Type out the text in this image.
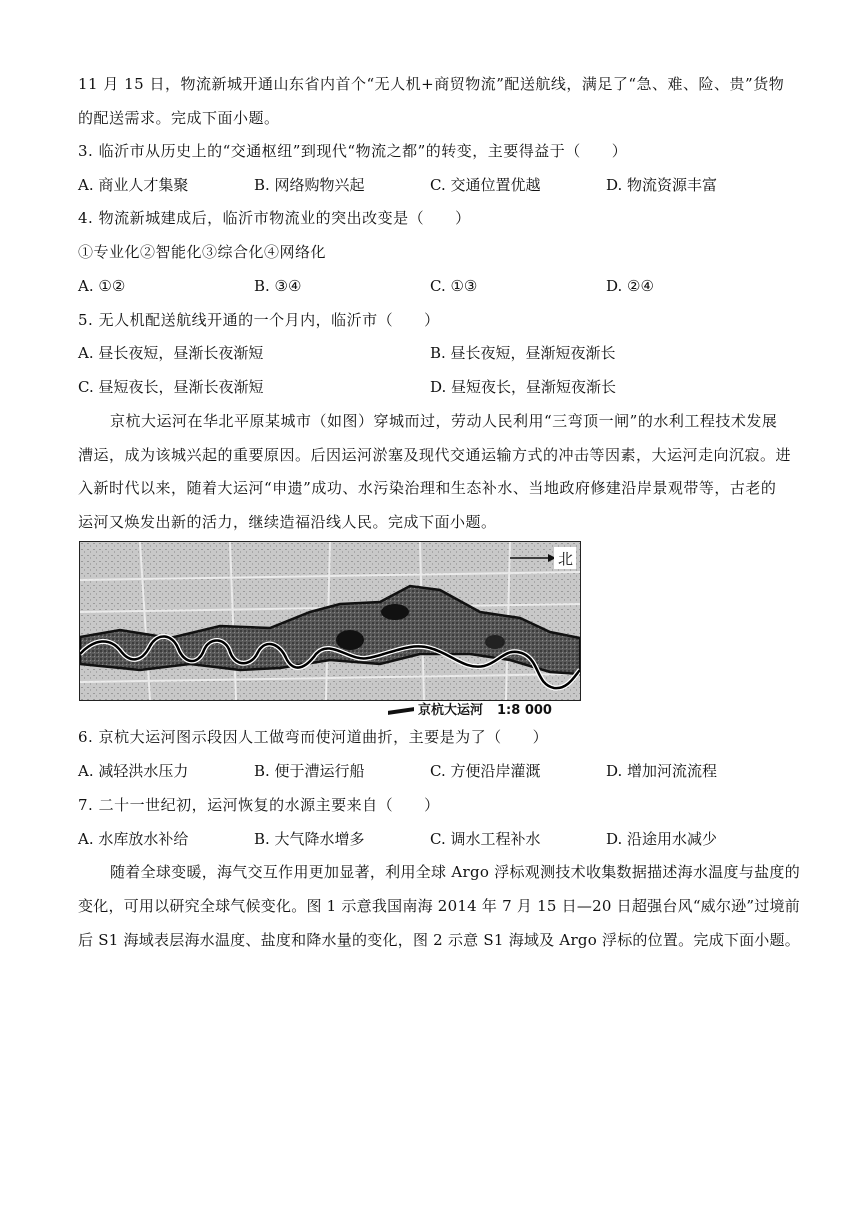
11 月 15 日，物流新城开通山东省内首个“无人机+商贸物流”配送航线，满足了“急、难、险、贵”货物
的配送需求。完成下面小题。
3. 临沂市从历史上的“交通枢纽”到现代“物流之都”的转变，主要得益于（　　）
A. 商业人才集聚	B. 网络购物兴起	C. 交通位置优越	D. 物流资源丰富
4. 物流新城建成后，临沂市物流业的突出改变是（　　）
①专业化②智能化③综合化④网络化
A. ①②	B. ③④	C. ①③	D. ②④
5. 无人机配送航线开通的一个月内，临沂市（　　）
A. 昼长夜短，昼渐长夜渐短	B. 昼长夜短，昼渐短夜渐长
C. 昼短夜长，昼渐长夜渐短	D. 昼短夜长，昼渐短夜渐长
京杭大运河在华北平原某城市（如图）穿城而过，劳动人民利用“三弯顶一闸”的水利工程技术发展
漕运，成为该城兴起的重要原因。后因运河淤塞及现代交通运输方式的冲击等因素，大运河走向沉寂。进
入新时代以来，随着大运河“申遗”成功、水污染治理和生态补水、当地政府修建沿岸景观带等，古老的
运河又焕发出新的活力，继续造福沿线人民。完成下面小题。
北
京杭大运河 1:8 000
6. 京杭大运河图示段因人工做弯而使河道曲折，主要是为了（　　）
A. 减轻洪水压力	B. 便于漕运行船	C. 方便沿岸灌溉	D. 增加河流流程
7. 二十一世纪初，运河恢复的水源主要来自（　　）
A. 水库放水补给	B. 大气降水增多	C. 调水工程补水	D. 沿途用水减少
随着全球变暖，海气交互作用更加显著，利用全球 Argo 浮标观测技术收集数据描述海水温度与盐度的
变化，可用以研究全球气候变化。图 1 示意我国南海 2014 年 7 月 15 日—20 日超强台风“威尔逊”过境前
后 S1 海域表层海水温度、盐度和降水量的变化，图 2 示意 S1 海域及 Argo 浮标的位置。完成下面小题。
